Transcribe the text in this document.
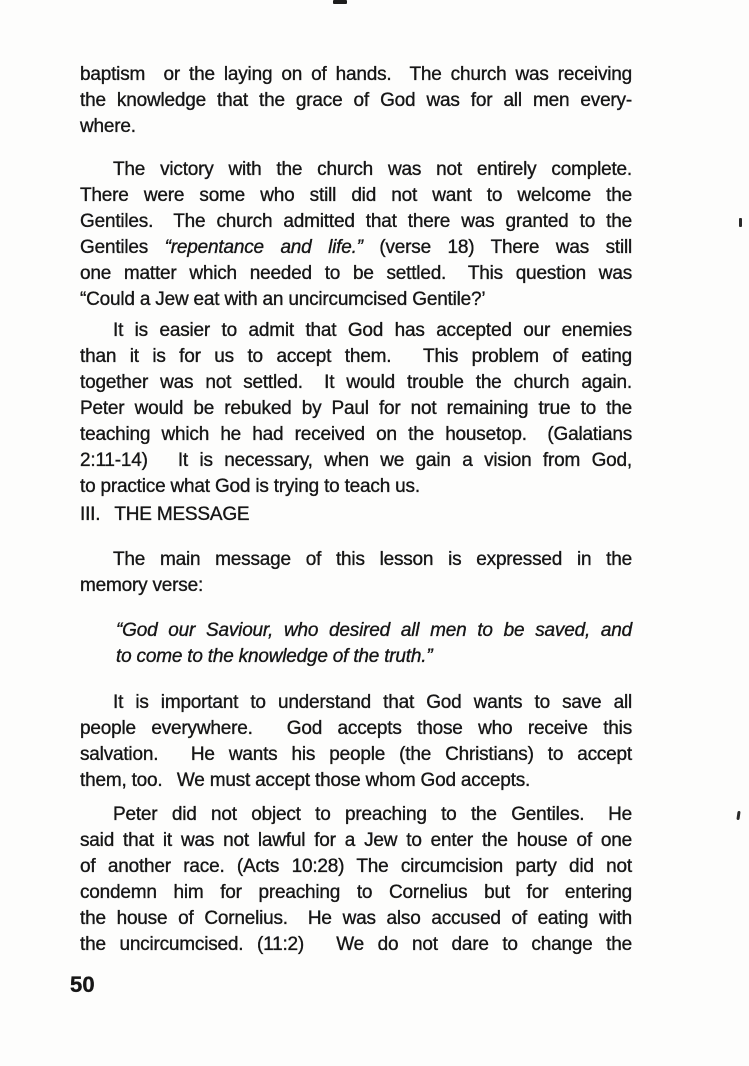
baptism  or the laying on of hands.  The church was receiving
the knowledge that the grace of God was for all men every-
where.
The victory with the church was not entirely complete.
There were some who still did not want to welcome the
Gentiles.  The church admitted that there was granted to the
Gentiles “repentance and life.” (verse 18) There was still
one matter which needed to be settled.  This question was
“Could a Jew eat with an uncircumcised Gentile?’
It is easier to admit that God has accepted our enemies
than it is for us to accept them.   This problem of eating
together was not settled.  It would trouble the church again.
Peter would be rebuked by Paul for not remaining true to the
teaching which he had received on the housetop.  (Galatians
2:11-14)   It is necessary, when we gain a vision from God,
to practice what God is trying to teach us.
III.  THE MESSAGE
The main message of this lesson is expressed in the
memory verse:
“God our Saviour, who desired all men to be saved, and
to come to the knowledge of the truth.”
It is important to understand that God wants to save all
people everywhere.   God accepts those who receive this
salvation.   He wants his people (the Christians) to accept
them, too.  We must accept those whom God accepts.
Peter did not object to preaching to the Gentiles.  He
said that it was not lawful for a Jew to enter the house of one
of another race. (Acts 10:28) The circumcision party did not
condemn him for preaching to Cornelius but for entering
the house of Cornelius.  He was also accused of eating with
the uncircumcised. (11:2)   We do not dare to change the
50
